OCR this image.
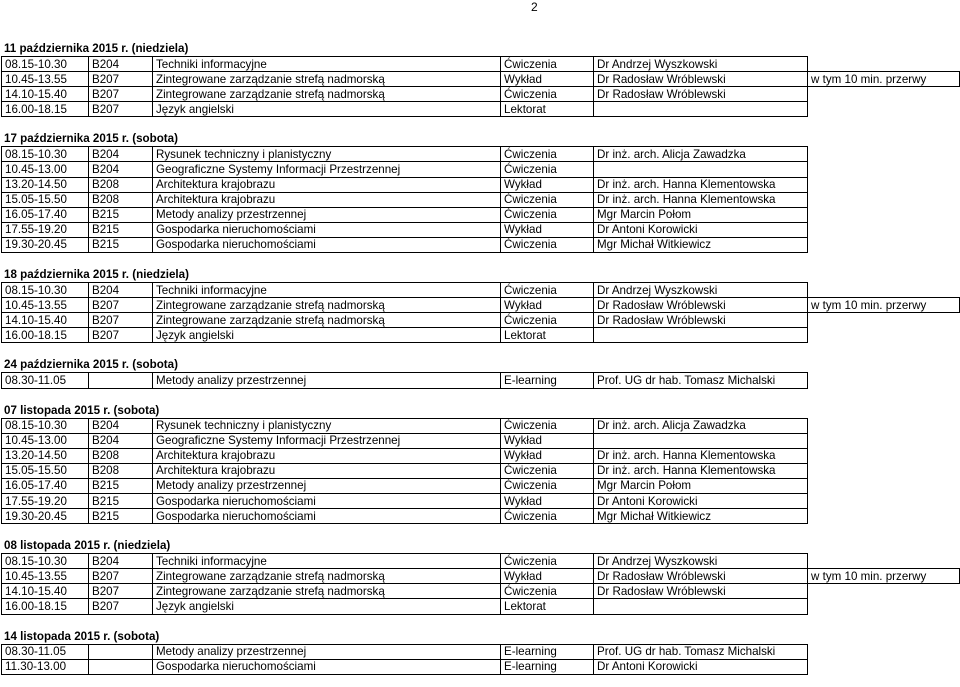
2
11 października 2015 r. (niedziela)
08.15-10.30	B204	Techniki informacyjne	Ćwiczenia	Dr Andrzej Wyszkowski	
10.45-13.55	B207	Zintegrowane zarządzanie strefą nadmorską	Wykład	Dr Radosław Wróblewski	w tym 10 min. przerwy
14.10-15.40	B207	Zintegrowane zarządzanie strefą nadmorską	Ćwiczenia	Dr Radosław Wróblewski	
16.00-18.15	B207	Język angielski	Lektorat		
17 października 2015 r. (sobota)
08.15-10.30	B204	Rysunek techniczny i planistyczny	Ćwiczenia	Dr inż. arch. Alicja Zawadzka	
10.45-13.00	B204	Geograficzne Systemy Informacji Przestrzennej	Ćwiczenia		
13.20-14.50	B208	Architektura krajobrazu	Wykład	Dr inż. arch. Hanna Klementowska	
15.05-15.50	B208	Architektura krajobrazu	Ćwiczenia	Dr inż. arch. Hanna Klementowska	
16.05-17.40	B215	Metody analizy przestrzennej	Ćwiczenia	Mgr Marcin Połom	
17.55-19.20	B215	Gospodarka nieruchomościami	Wykład	Dr Antoni Korowicki	
19.30-20.45	B215	Gospodarka nieruchomościami	Ćwiczenia	Mgr Michał Witkiewicz	
18 października 2015 r. (niedziela)
08.15-10.30	B204	Techniki informacyjne	Ćwiczenia	Dr Andrzej Wyszkowski	
10.45-13.55	B207	Zintegrowane zarządzanie strefą nadmorską	Wykład	Dr Radosław Wróblewski	w tym 10 min. przerwy
14.10-15.40	B207	Zintegrowane zarządzanie strefą nadmorską	Ćwiczenia	Dr Radosław Wróblewski	
16.00-18.15	B207	Język angielski	Lektorat		
24 października 2015 r. (sobota)
08.30-11.05		Metody analizy przestrzennej	E-learning	Prof. UG dr hab. Tomasz Michalski	
07 listopada 2015 r. (sobota)
08.15-10.30	B204	Rysunek techniczny i planistyczny	Ćwiczenia	Dr inż. arch. Alicja Zawadzka	
10.45-13.00	B204	Geograficzne Systemy Informacji Przestrzennej	Wykład		
13.20-14.50	B208	Architektura krajobrazu	Wykład	Dr inż. arch. Hanna Klementowska	
15.05-15.50	B208	Architektura krajobrazu	Ćwiczenia	Dr inż. arch. Hanna Klementowska	
16.05-17.40	B215	Metody analizy przestrzennej	Ćwiczenia	Mgr Marcin Połom	
17.55-19.20	B215	Gospodarka nieruchomościami	Wykład	Dr Antoni Korowicki	
19.30-20.45	B215	Gospodarka nieruchomościami	Ćwiczenia	Mgr Michał Witkiewicz	
08 listopada 2015 r. (niedziela)
08.15-10.30	B204	Techniki informacyjne	Ćwiczenia	Dr Andrzej Wyszkowski	
10.45-13.55	B207	Zintegrowane zarządzanie strefą nadmorską	Wykład	Dr Radosław Wróblewski	w tym 10 min. przerwy
14.10-15.40	B207	Zintegrowane zarządzanie strefą nadmorską	Ćwiczenia	Dr Radosław Wróblewski	
16.00-18.15	B207	Język angielski	Lektorat		
14 listopada 2015 r. (sobota)
08.30-11.05		Metody analizy przestrzennej	E-learning	Prof. UG dr hab. Tomasz Michalski	
11.30-13.00		Gospodarka nieruchomościami	E-learning	Dr Antoni Korowicki	
